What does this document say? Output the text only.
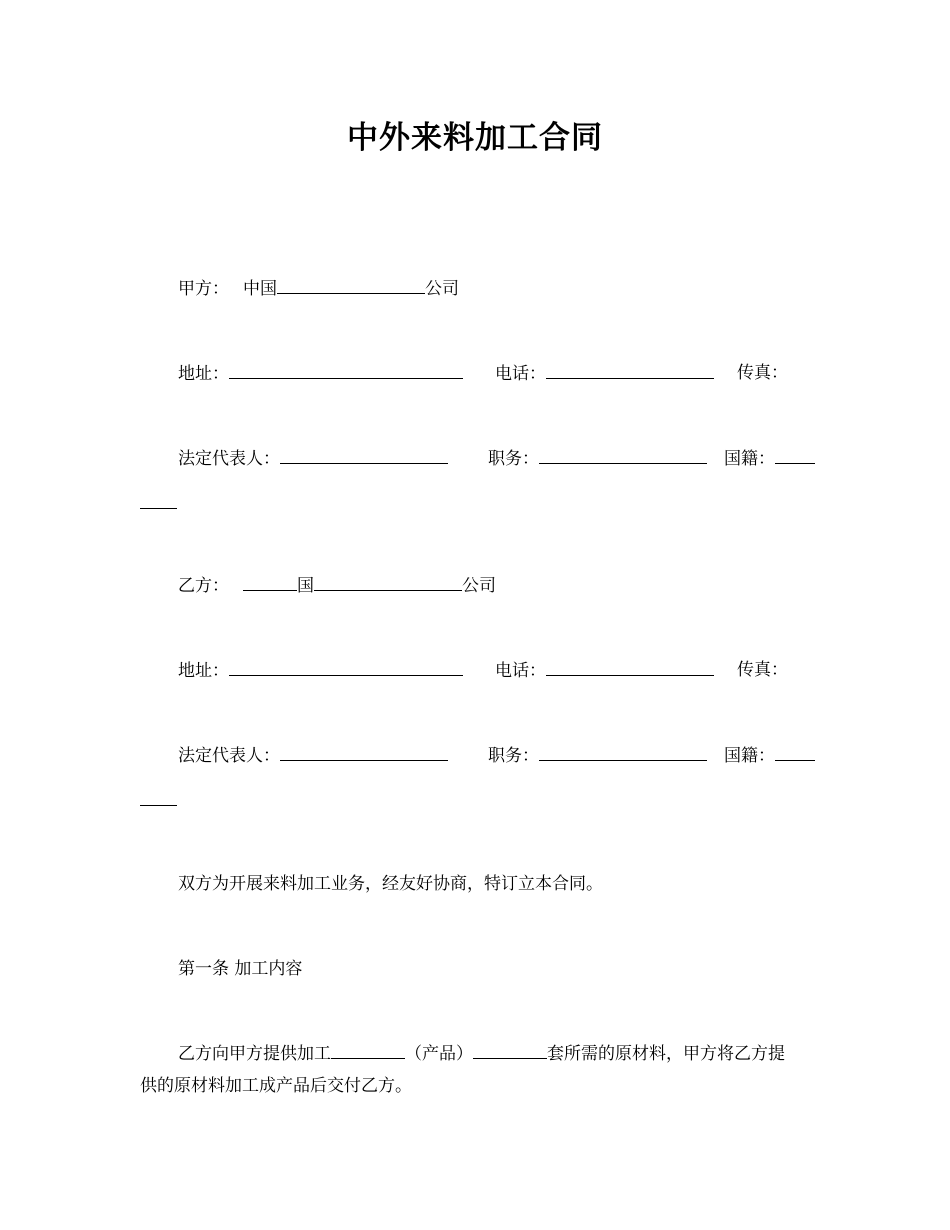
中外来料加工合同
甲方： 中国	公司
地址：	电话：	传真：
法定代表人：	职务：	国籍：
乙方：	国	公司
地址：	电话：	传真：
法定代表人：	职务：	国籍：
双方为开展来料加工业务，经友好协商，特订立本合同。
第一条 加工内容
乙方向甲方提供加工	（产品）	套所需的原材料，甲方将乙方提
供的原材料加工成产品后交付乙方。
